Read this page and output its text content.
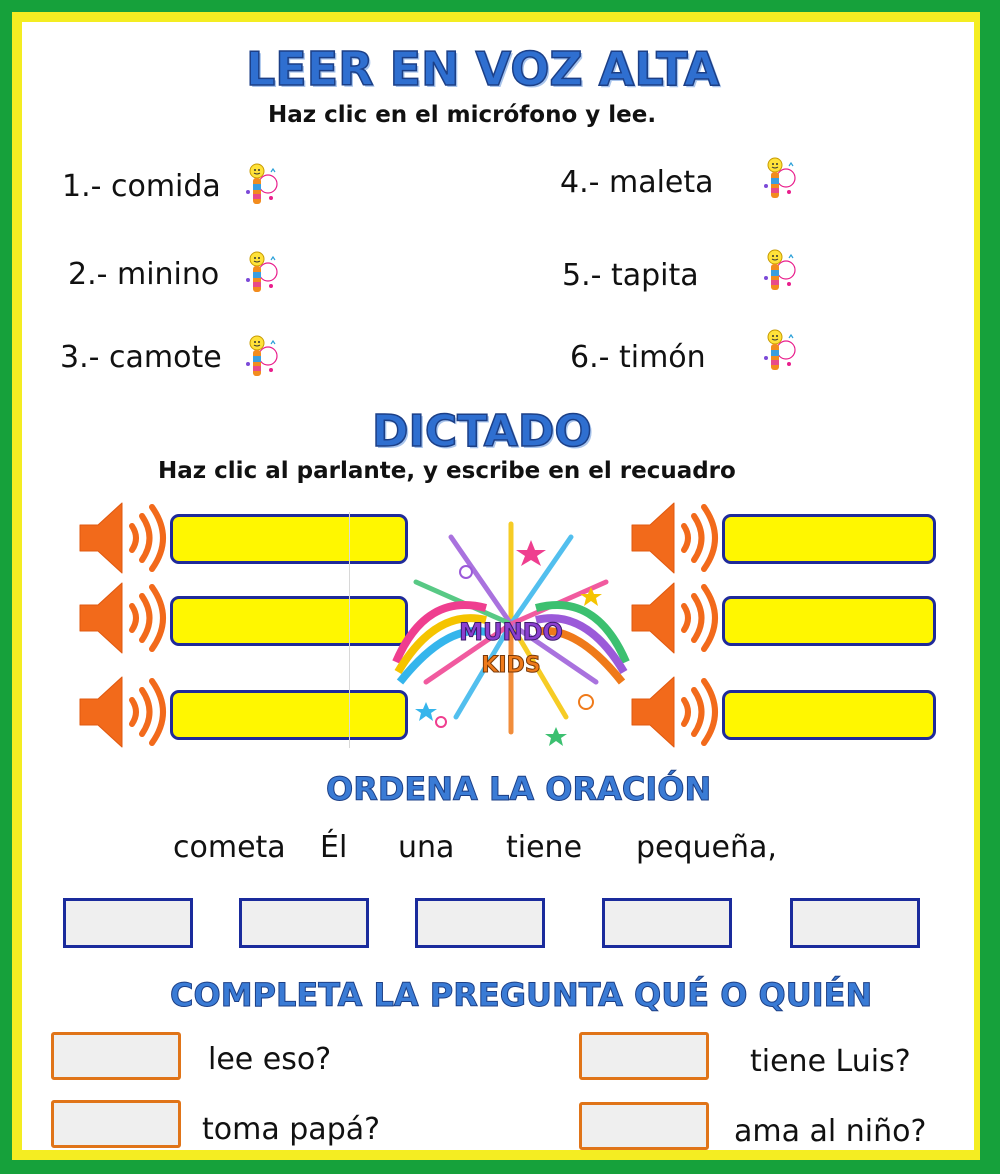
LEER EN VOZ ALTA
Haz clic en el micrófono y lee.
1.- comida
2.- minino
3.- camote
4.- maleta
5.- tapita
6.- timón
DICTADO
Haz clic al parlante, y escribe en el recuadro
MUNDO
KIDS
ORDENA LA ORACIÓN
cometa Él una tiene pequeña,
COMPLETA LA PREGUNTA QUÉ O QUIÉN
lee eso?
toma papá?
tiene Luis?
ama al niño?
